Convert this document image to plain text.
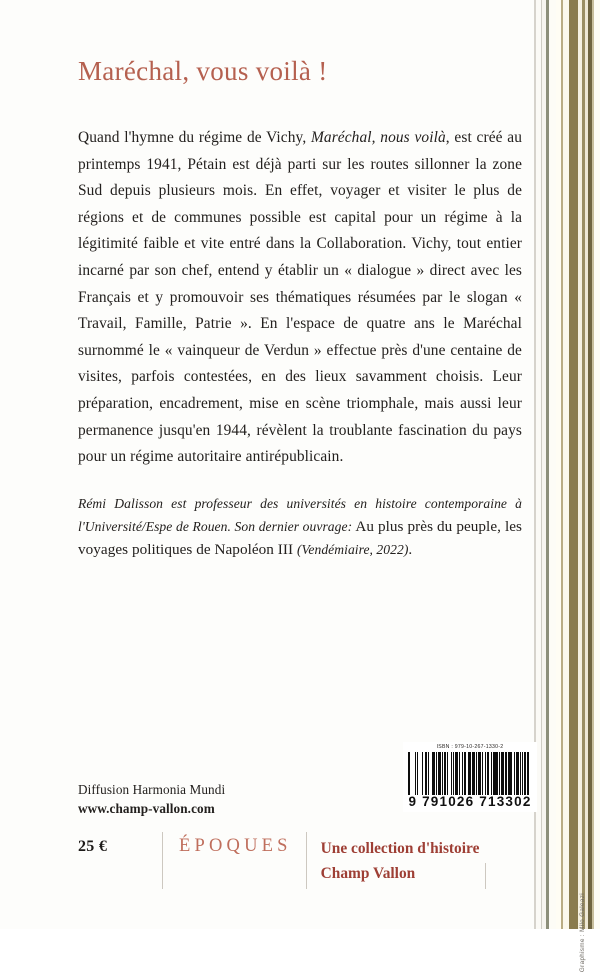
Maréchal, vous voilà !
Quand l'hymne du régime de Vichy, Maréchal, nous voilà, est créé au printemps 1941, Pétain est déjà parti sur les routes sillonner la zone Sud depuis plusieurs mois. En effet, voyager et visiter le plus de régions et de communes possible est capital pour un régime à la légitimité faible et vite entré dans la Collaboration. Vichy, tout entier incarné par son chef, entend y établir un « dialogue » direct avec les Français et y promouvoir ses thématiques résumées par le slogan « Travail, Famille, Patrie ». En l'espace de quatre ans le Maréchal surnommé le « vainqueur de Verdun » effectue près d'une centaine de visites, parfois contestées, en des lieux savamment choisis. Leur préparation, encadrement, mise en scène triomphale, mais aussi leur permanence jusqu'en 1944, révèlent la troublante fascination du pays pour un régime autoritaire antirépublicain.
Rémi Dalisson est professeur des universités en histoire contemporaine à l'Université/Espe de Rouen. Son dernier ouvrage: Au plus près du peuple, les voyages politiques de Napoléon III (Vendémiaire, 2022).
Diffusion Harmonia Mundi
www.champ-vallon.com
ISBN : 979-10-267-1330-2
9 791026 713302
25 €	ÉPOQUES	Une collection d'histoire
Champ Vallon
Graphisme : Milo Galeazi
